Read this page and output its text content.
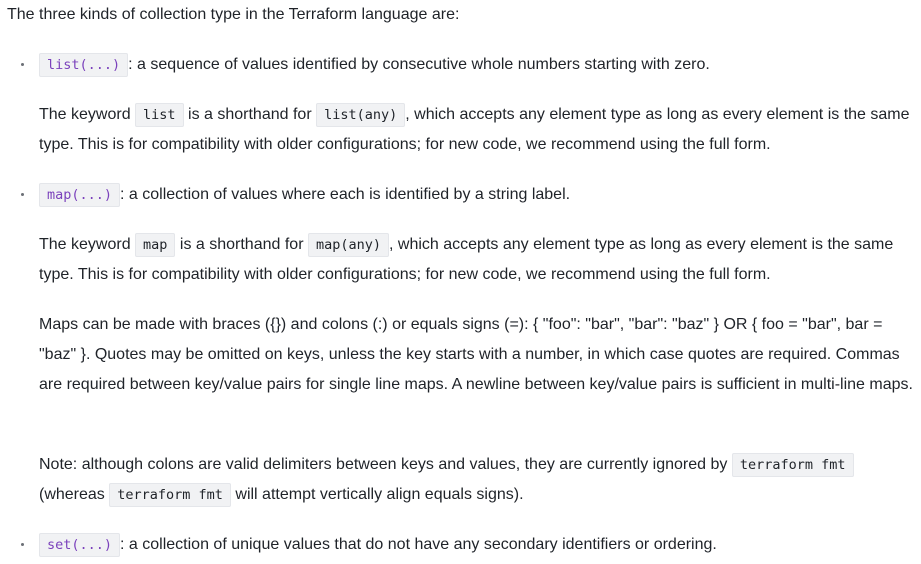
The three kinds of collection type in the Terraform language are:

list(...) : a sequence of values identified by consecutive whole numbers starting with zero.

The keyword list is a shorthand for list(any) , which accepts any element type as long as every element is the same type. This is for compatibility with older configurations; for new code, we recommend using the full form.

map(...) : a collection of values where each is identified by a string label.

The keyword map is a shorthand for map(any) , which accepts any element type as long as every element is the same type. This is for compatibility with older configurations; for new code, we recommend using the full form.

Maps can be made with braces ({}) and colons (:) or equals signs (=): { "foo": "bar", "bar": "baz" } OR { foo = "bar", bar = "baz" }. Quotes may be omitted on keys, unless the key starts with a number, in which case quotes are required. Commas are required between key/value pairs for single line maps. A newline between key/value pairs is sufficient in multi-line maps.

Note: although colons are valid delimiters between keys and values, they are currently ignored by terraform fmt (whereas terraform fmt will attempt vertically align equals signs).

set(...) : a collection of unique values that do not have any secondary identifiers or ordering.
